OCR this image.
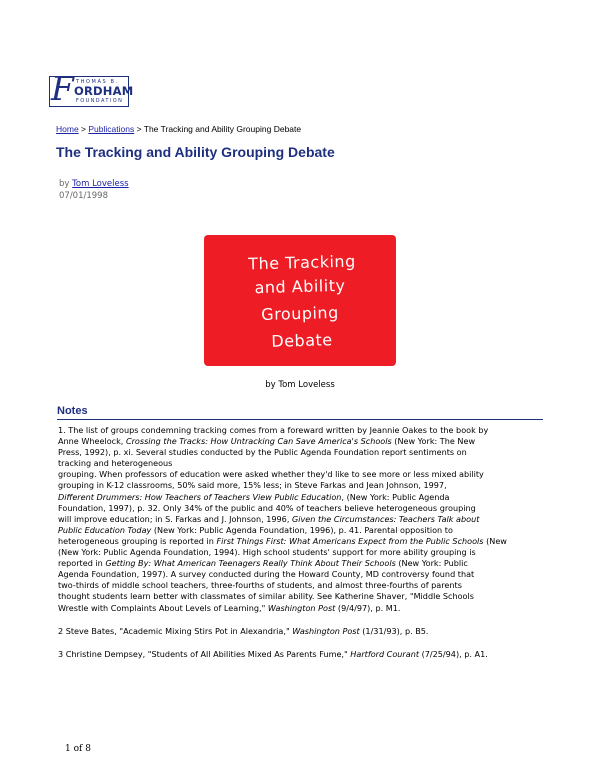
THOMAS B.
F ORDHAM
FOUNDATION
Home > Publications > The Tracking and Ability Grouping Debate
The Tracking and Ability Grouping Debate
by Tom Loveless
07/01/1998
The Tracking
and Ability
Grouping
Debate
by Tom Loveless
Notes
1. The list of groups condemning tracking comes from a foreward written by Jeannie Oakes to the book by
Anne Wheelock, Crossing the Tracks: How Untracking Can Save America's Schools (New York: The New
Press, 1992), p. xi. Several studies conducted by the Public Agenda Foundation report sentiments on
tracking and heterogeneous
grouping. When professors of education were asked whether they'd like to see more or less mixed ability
grouping in K-12 classrooms, 50% said more, 15% less; in Steve Farkas and Jean Johnson, 1997,
Different Drummers: How Teachers of Teachers View Public Education, (New York: Public Agenda
Foundation, 1997), p. 32. Only 34% of the public and 40% of teachers believe heterogeneous grouping
will improve education; in S. Farkas and J. Johnson, 1996, Given the Circumstances: Teachers Talk about
Public Education Today (New York: Public Agenda Foundation, 1996), p. 41. Parental opposition to
heterogeneous grouping is reported in First Things First: What Americans Expect from the Public Schools (New
(New York: Public Agenda Foundation, 1994). High school students' support for more ability grouping is
reported in Getting By: What American Teenagers Really Think About Their Schools (New York: Public
Agenda Foundation, 1997). A survey conducted during the Howard County, MD controversy found that
two-thirds of middle school teachers, three-fourths of students, and almost three-fourths of parents
thought students learn better with classmates of similar ability. See Katherine Shaver, "Middle Schools
Wrestle with Complaints About Levels of Learning," Washington Post (9/4/97), p. M1.
2 Steve Bates, "Academic Mixing Stirs Pot in Alexandria," Washington Post (1/31/93), p. B5.
3 Christine Dempsey, "Students of All Abilities Mixed As Parents Fume," Hartford Courant (7/25/94), p. A1.
1 of 8
